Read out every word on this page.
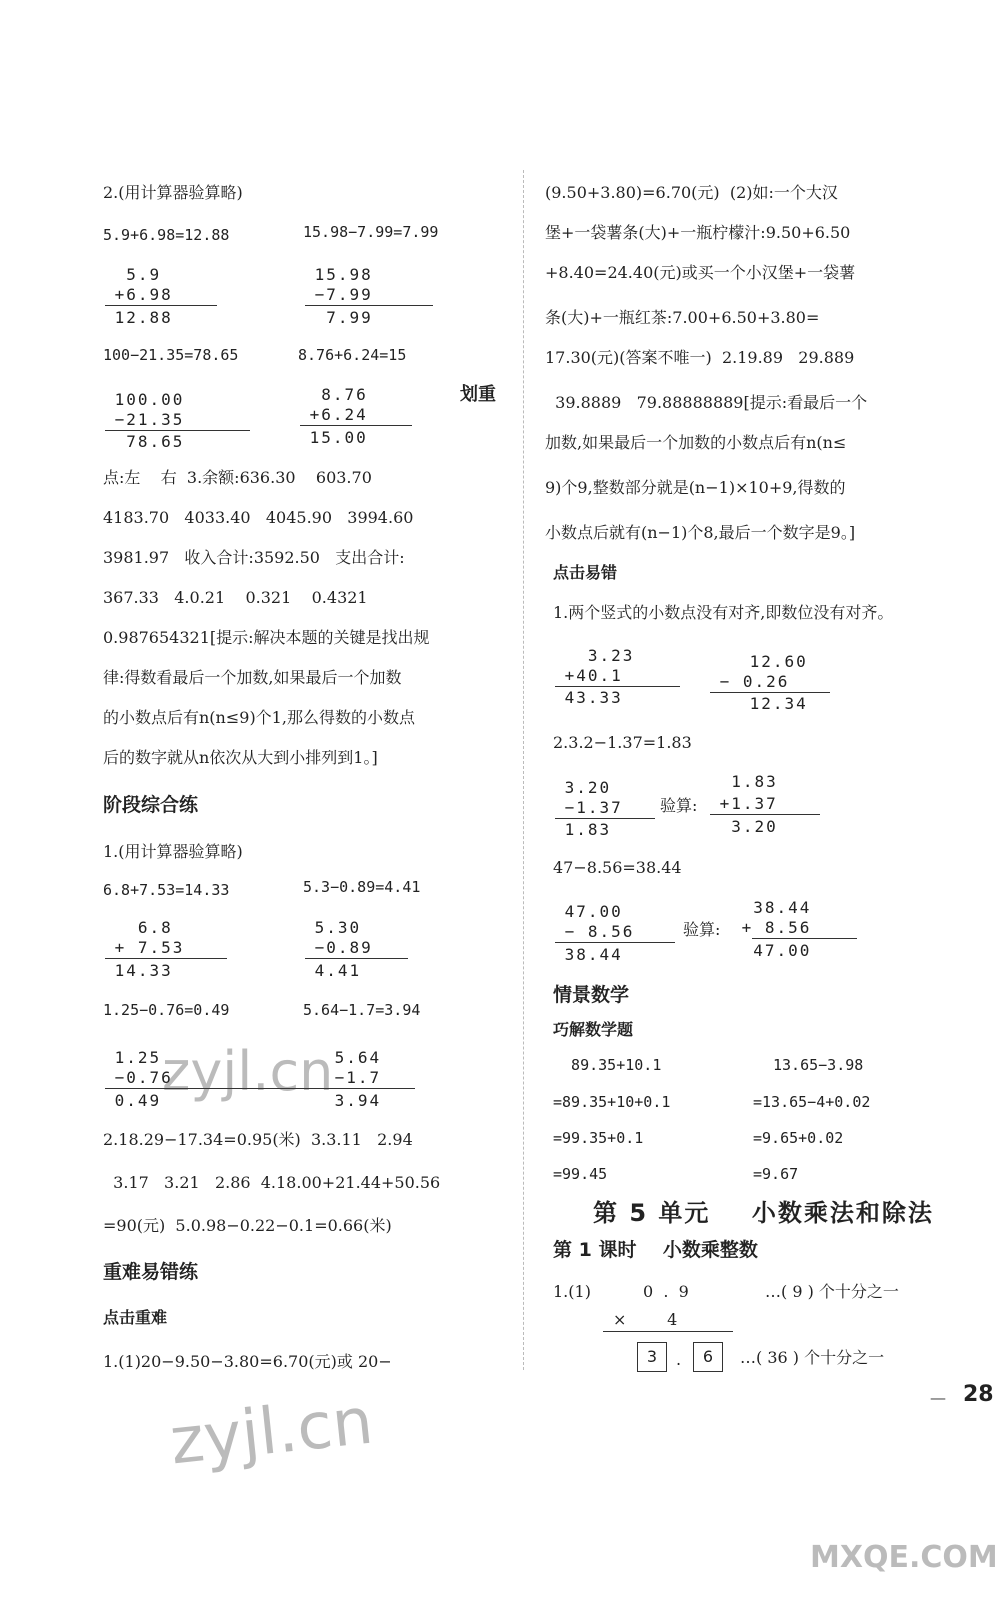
2.(用计算器验算略)
5.9+6.98=12.88	15.98−7.99=7.99
5.9
+6.98
12.88
15.98
−7.99
7.99
100−21.35=78.65	8.76+6.24=15
100.00
−21.35
78.65
8.76
+6.24
15.00
划重
点:左    右  3.余额:636.30    603.70
4183.70   4033.40   4045.90   3994.60
3981.97   收入合计:3592.50   支出合计:
367.33   4.0.21    0.321    0.4321
0.987654321[提示:解决本题的关键是找出规
律:得数看最后一个加数,如果最后一个加数
的小数点后有n(n≤9)个1,那么得数的小数点
后的数字就从n依次从大到小排列到1。]
阶段综合练
1.(用计算器验算略)
6.8+7.53=14.33	5.3−0.89=4.41
6.8
+ 7.53
14.33
5.30
−0.89
4.41
1.25−0.76=0.49	5.64−1.7=3.94
1.25
−0.76
0.49
5.64
−1.7
3.94
2.18.29−17.34=0.95(米)  3.3.11   2.94
3.17   3.21   2.86  4.18.00+21.44+50.56
=90(元)  5.0.98−0.22−0.1=0.66(米)
重难易错练
点击重难
1.(1)20−9.50−3.80=6.70(元)或 20−
(9.50+3.80)=6.70(元)  (2)如:一个大汉
堡+一袋薯条(大)+一瓶柠檬汁:9.50+6.50
+8.40=24.40(元)或买一个小汉堡+一袋薯
条(大)+一瓶红茶:7.00+6.50+3.80=
17.30(元)(答案不唯一)  2.19.89   29.889
39.8889   79.88888889[提示:看最后一个
加数,如果最后一个加数的小数点后有n(n≤
9)个9,整数部分就是(n−1)×10+9,得数的
小数点后就有(n−1)个8,最后一个数字是9。]
点击易错
1.两个竖式的小数点没有对齐,即数位没有对齐。
3.23
+40.1
43.33
12.60
− 0.26
12.34
2.3.2−1.37=1.83
3.20
−1.37
1.83
验算:
1.83
+1.37
3.20
47−8.56=38.44
47.00
− 8.56
38.44
验算:
38.44
+ 8.56
47.00
情景数学
巧解数学题
89.35+10.1	13.65−3.98
=89.35+10+0.1	=13.65−4+0.02
=99.35+0.1	=9.65+0.02
=99.45	=9.67
第 5 单元    小数乘法和除法
第 1 课时    小数乘整数
1.(1)	0  .  9	…( 9 ) 个十分之一
×        4
3	.	6	…( 36 ) 个十分之一
— 28
zyjl.cn
zyjl.cn
MXQE.COM
